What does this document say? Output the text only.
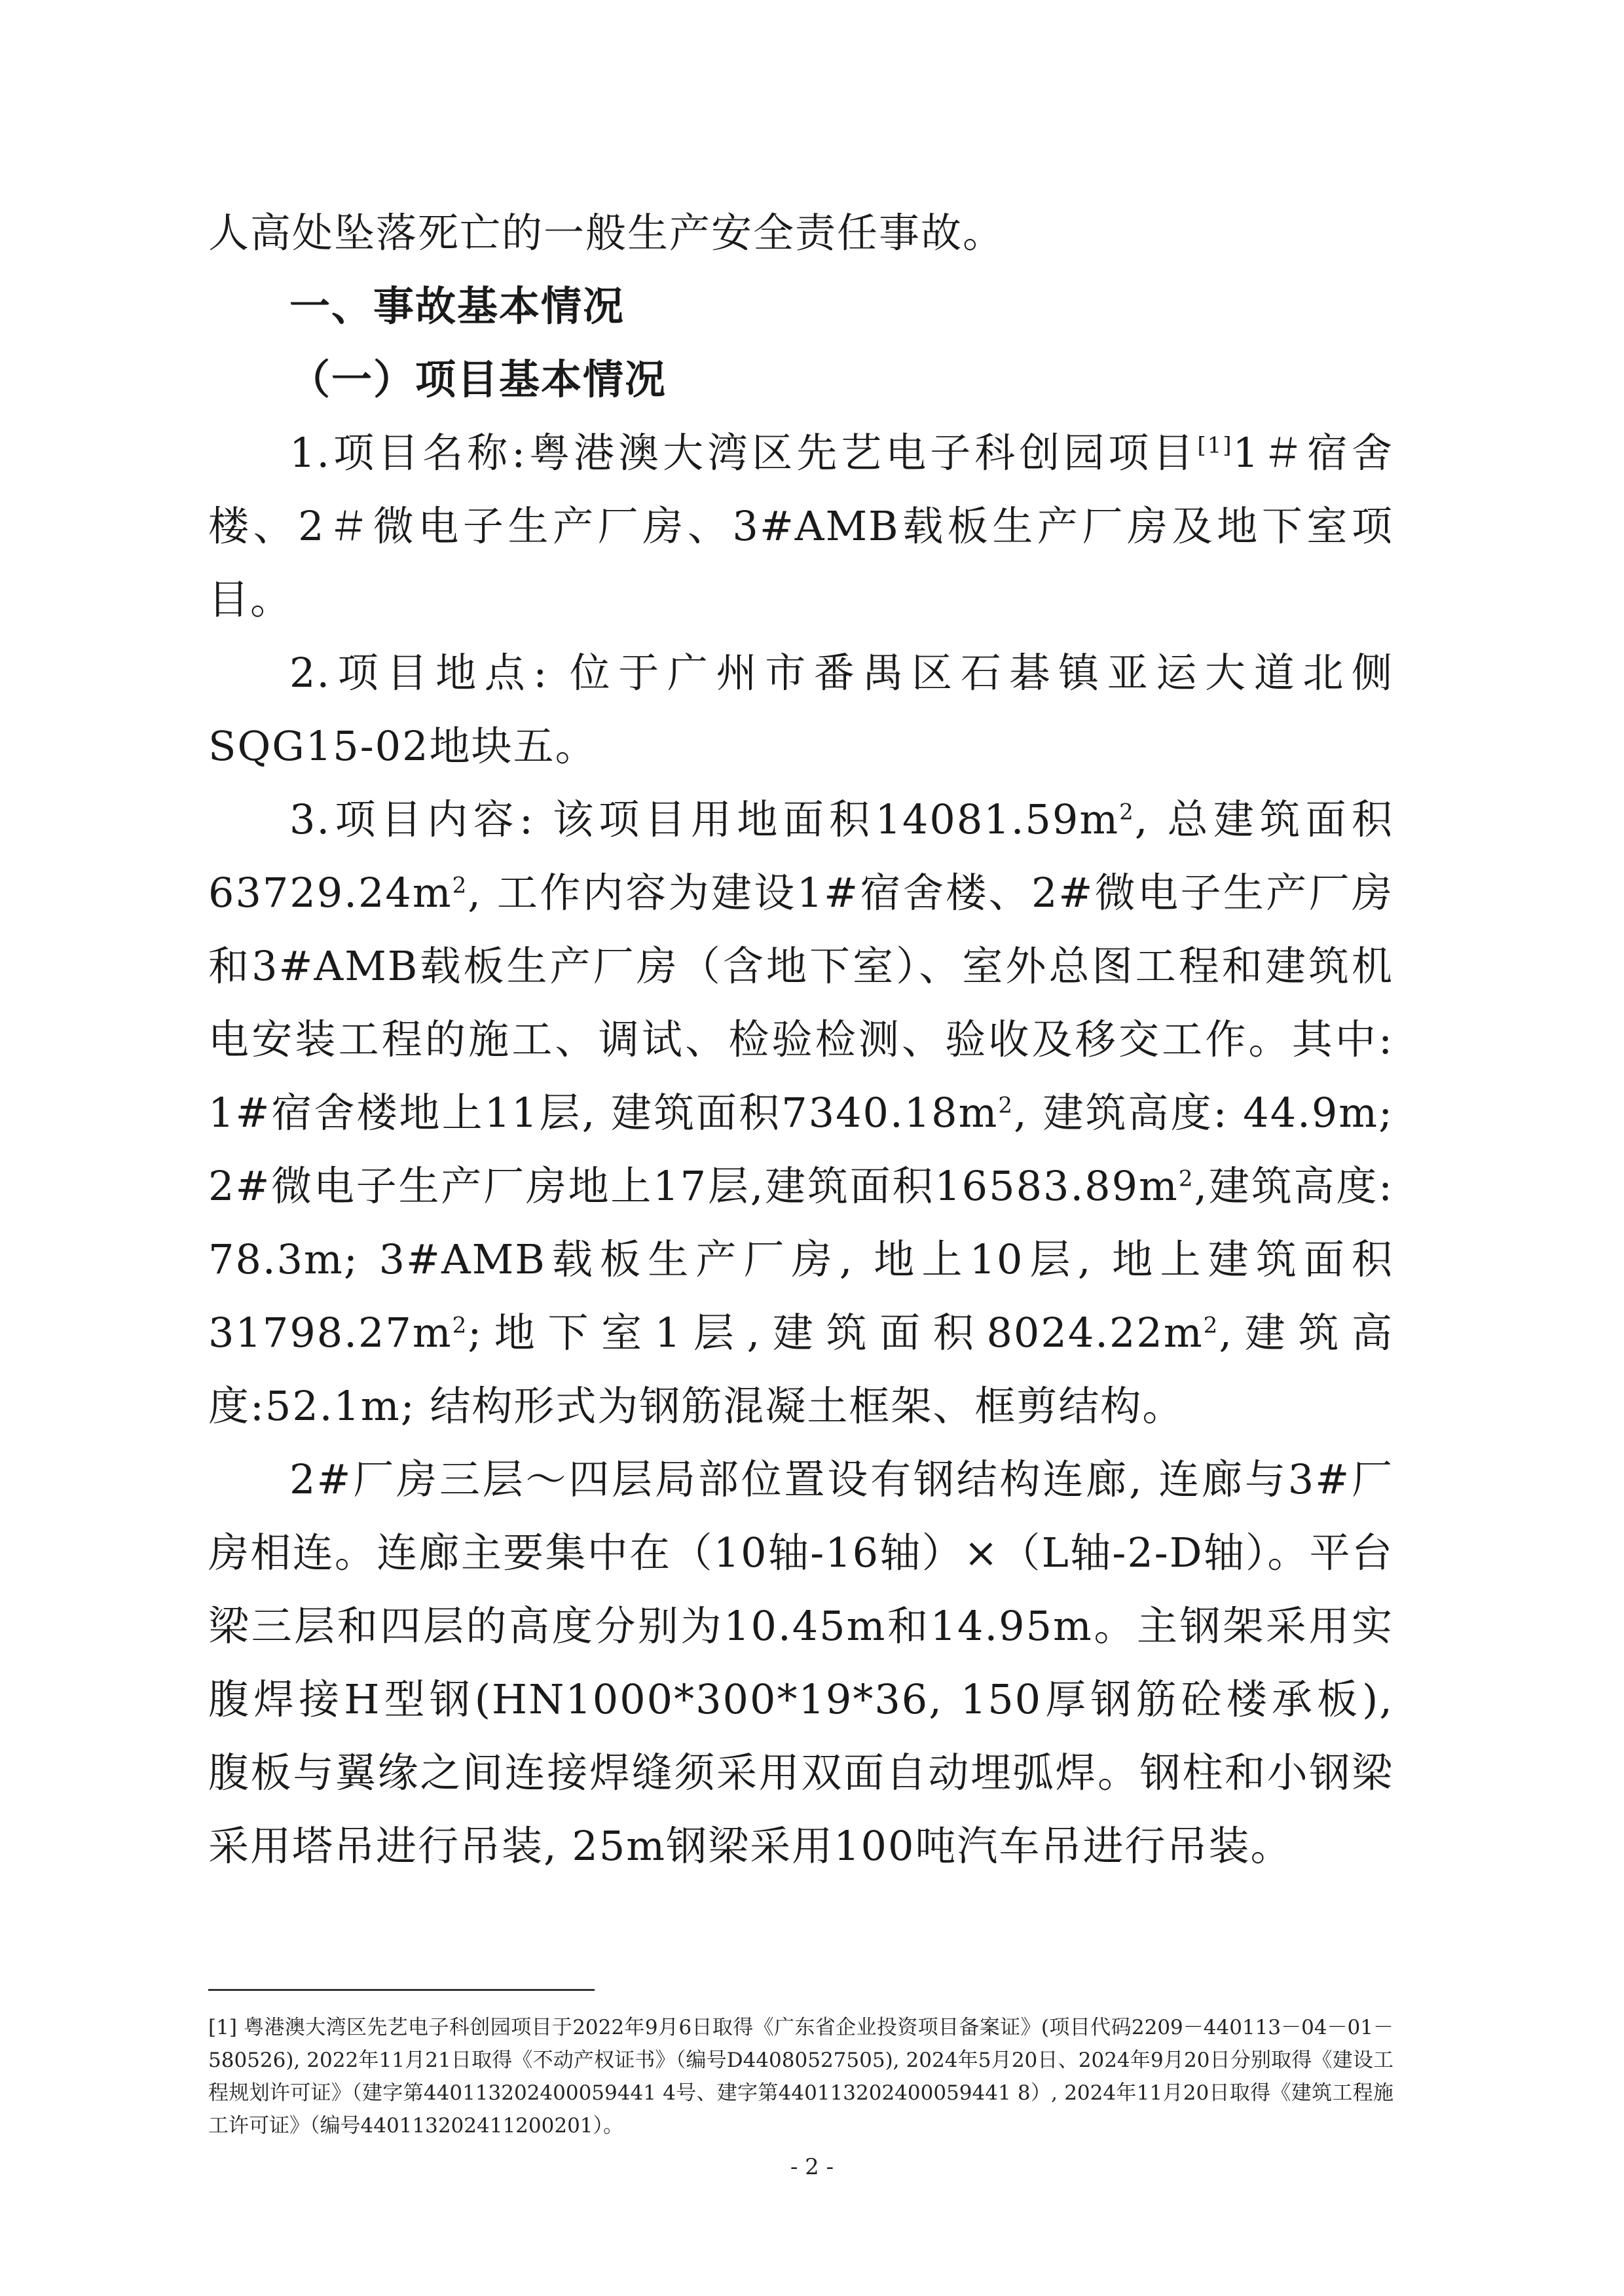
人高处坠落死亡的一般生产安全责任事故。

一、事故基本情况

（一）项目基本情况

1.项目名称:粤港澳大湾区先艺电子科创园项目[1]1＃宿舍楼、2＃微电子生产厂房、3#AMB载板生产厂房及地下室项目。

2.项目地点: 位于广州市番禺区石碁镇亚运大道北侧SQG15-02地块五。

3.项目内容: 该项目用地面积$14081.59m^2$, 总建筑面积$63729.24m^2$, 工作内容为建设1#宿舍楼、2#微电子生产厂房和3#AMB载板生产厂房（含地下室）、室外总图工程和建筑机电安装工程的施工、调试、检验检测、验收及移交工作。其中: 1#宿舍楼地上11层, 建筑面积$7340.18m^2$, 建筑高度: 44.9m; 2#微电子生产厂房地上17层,建筑面积$16583.89m^2$,建筑高度: 78.3m; 3#AMB载板生产厂房, 地上10层, 地上建筑面积$31798.27m^2$;地下室1层,建筑面积$8024.22m^2$,建筑高度:52.1m; 结构形式为钢筋混凝土框架、框剪结构。

2#厂房三层～四层局部位置设有钢结构连廊, 连廊与3#厂房相连。连廊主要集中在（10轴-16轴）×（L轴-2-D轴）。平台梁三层和四层的高度分别为10.45m和14.95m。主钢架采用实腹焊接H型钢(HN1000*300*19*36, 150厚钢筋砼楼承板), 腹板与翼缘之间连接焊缝须采用双面自动埋弧焊。钢柱和小钢梁采用塔吊进行吊装, 25m钢梁采用100吨汽车吊进行吊装。

[1] 粤港澳大湾区先艺电子科创园项目于2022年9月6日取得《广东省企业投资项目备案证》(项目代码2209－440113－04－01－580526), 2022年11月21日取得《不动产权证书》（编号D44080527505), 2024年5月20日、2024年9月20日分别取得《建设工程规划许可证》（建字第440113202400059441 4号、建字第440113202400059441 8）, 2024年11月20日取得《建筑工程施工许可证》（编号440113202411200201）。
- 2 -
